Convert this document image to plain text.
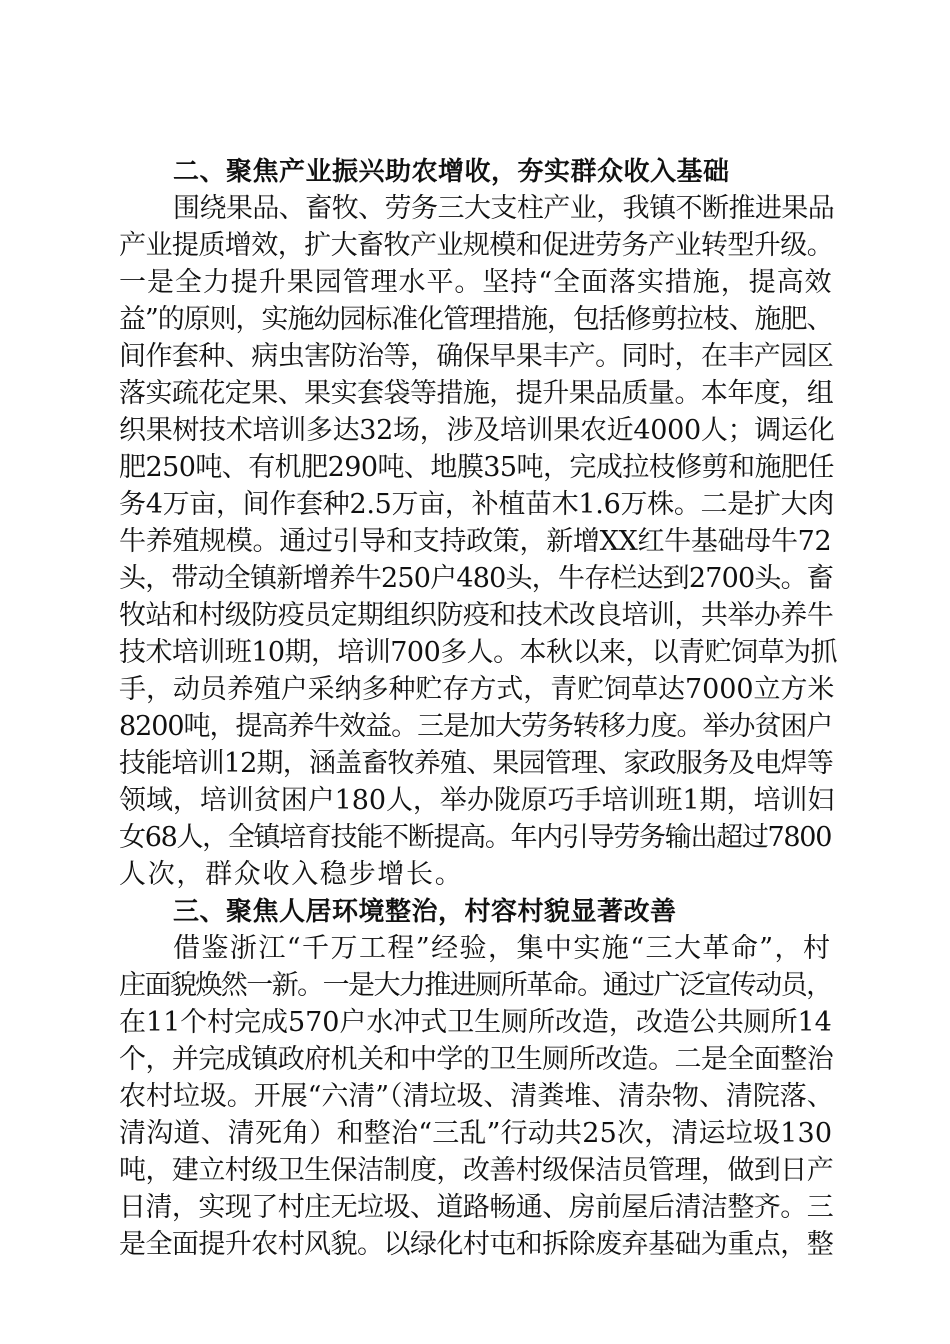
二、聚焦产业振兴助农增收，夯实群众收入基础
围绕果品、畜牧、劳务三大支柱产业，我镇不断推进果品
产业提质增效，扩大畜牧产业规模和促进劳务产业转型升级。
一是全力提升果园管理水平。坚持“全面落实措施，提高效
益”的原则，实施幼园标准化管理措施，包括修剪拉枝、施肥、
间作套种、病虫害防治等，确保早果丰产。同时，在丰产园区
落实疏花定果、果实套袋等措施，提升果品质量。本年度，组
织果树技术培训多达32场，涉及培训果农近4000人；调运化
肥250吨、有机肥290吨、地膜35吨，完成拉枝修剪和施肥任
务4万亩，间作套种2.5万亩，补植苗木1.6万株。二是扩大肉
牛养殖规模。通过引导和支持政策，新增XX红牛基础母牛72
头，带动全镇新增养牛250户480头，牛存栏达到2700头。畜
牧站和村级防疫员定期组织防疫和技术改良培训，共举办养牛
技术培训班10期，培训700多人。本秋以来，以青贮饲草为抓
手，动员养殖户采纳多种贮存方式，青贮饲草达7000立方米
8200吨，提高养牛效益。三是加大劳务转移力度。举办贫困户
技能培训12期，涵盖畜牧养殖、果园管理、家政服务及电焊等
领域，培训贫困户180人，举办陇原巧手培训班1期，培训妇
女68人，全镇培育技能不断提高。年内引导劳务输出超过7800
人次，群众收入稳步增长。
三、聚焦人居环境整治，村容村貌显著改善
借鉴浙江“千万工程”经验，集中实施“三大革命”，村
庄面貌焕然一新。一是大力推进厕所革命。通过广泛宣传动员，
在11个村完成570户水冲式卫生厕所改造，改造公共厕所14
个，并完成镇政府机关和中学的卫生厕所改造。二是全面整治
农村垃圾。开展“六清”（清垃圾、清粪堆、清杂物、清院落、
清沟道、清死角）和整治“三乱”行动共25次，清运垃圾130
吨，建立村级卫生保洁制度，改善村级保洁员管理，做到日产
日清，实现了村庄无垃圾、道路畅通、房前屋后清洁整齐。三
是全面提升农村风貌。以绿化村屯和拆除废弃基础为重点，整
